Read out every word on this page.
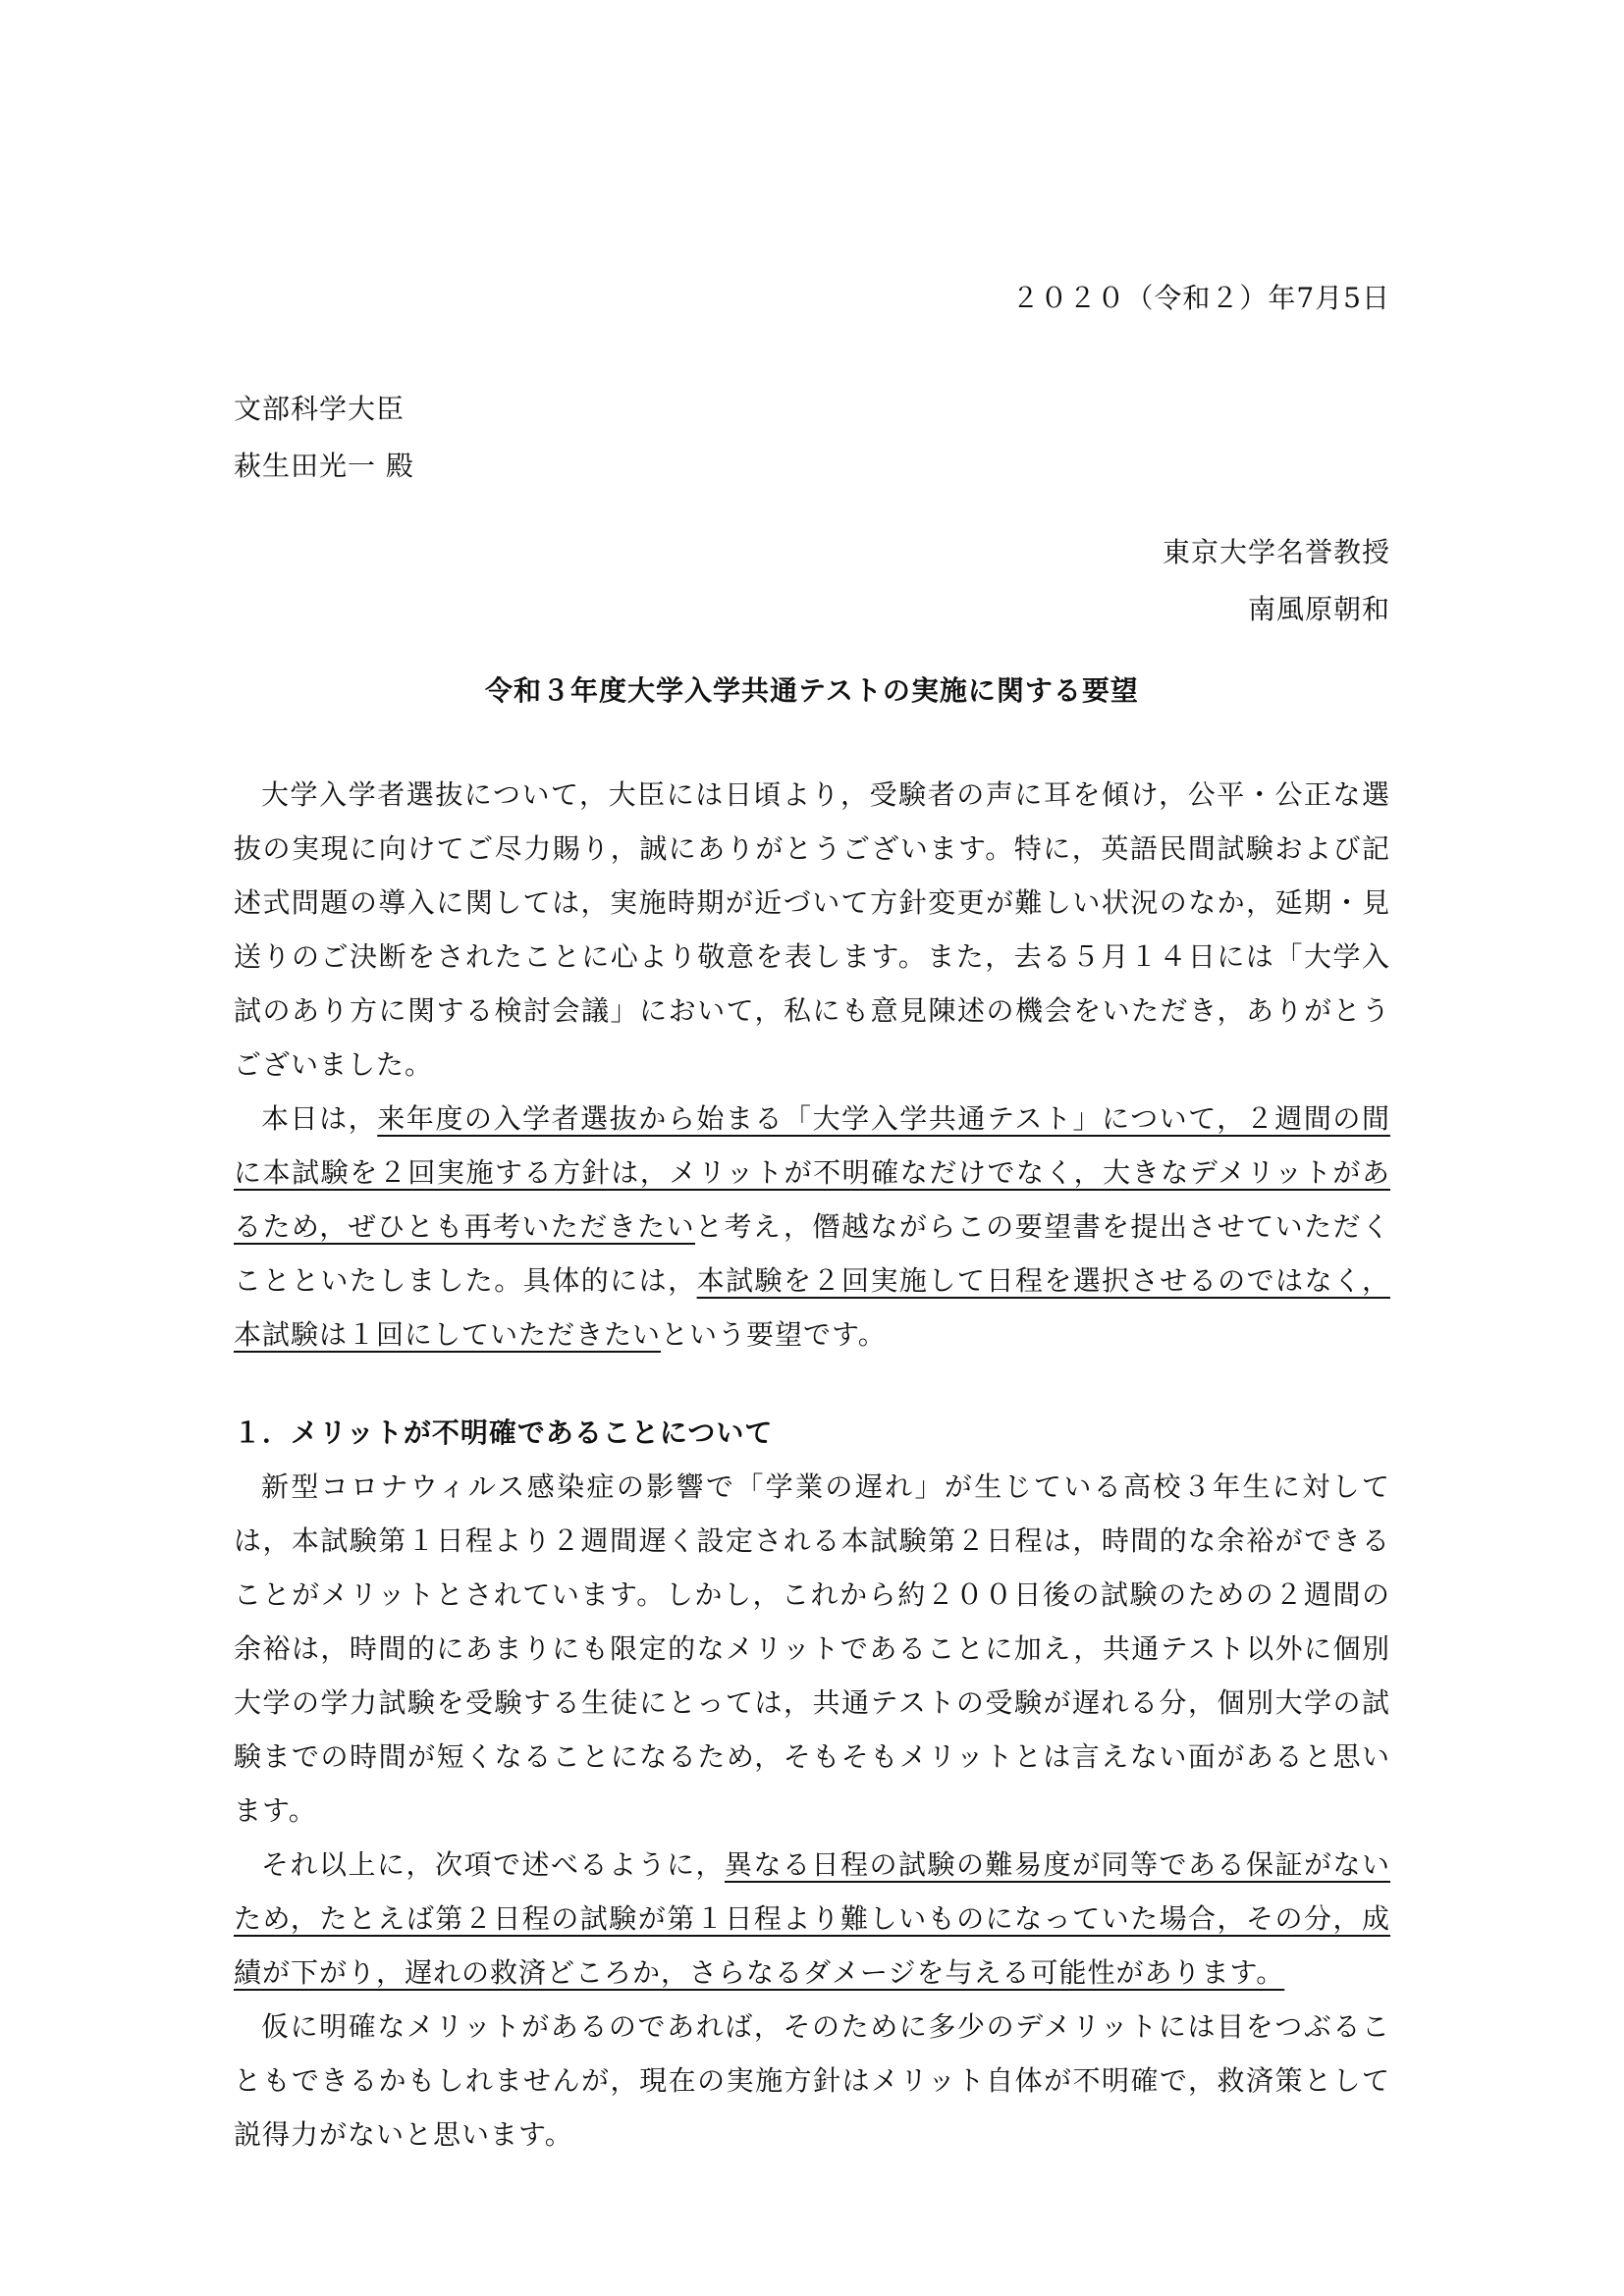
２０２０（令和２）年7月5日
文部科学大臣
萩生田光一 殿
東京大学名誉教授
南風原朝和
令和３年度大学入学共通テストの実施に関する要望

大学入学者選抜について，大臣には日頃より，受験者の声に耳を傾け，公平・公正な選抜の実現に向けてご尽力賜り，誠にありがとうございます。特に，英語民間試験および記述式問題の導入に関しては，実施時期が近づいて方針変更が難しい状況のなか，延期・見送りのご決断をされたことに心より敬意を表します。また，去る５月１４日には「大学入試のあり方に関する検討会議」において，私にも意見陳述の機会をいただき，ありがとうございました。

本日は，来年度の入学者選抜から始まる「大学入学共通テスト」について，２週間の間に本試験を２回実施する方針は，メリットが不明確なだけでなく，大きなデメリットがあるため，ぜひとも再考いただきたいと考え，僭越ながらこの要望書を提出させていただくことといたしました。具体的には，本試験を２回実施して日程を選択させるのではなく，本試験は１回にしていただきたいという要望です。

１．メリットが不明確であることについて

新型コロナウィルス感染症の影響で「学業の遅れ」が生じている高校３年生に対しては，本試験第１日程より２週間遅く設定される本試験第２日程は，時間的な余裕ができることがメリットとされています。しかし，これから約２００日後の試験のための２週間の余裕は，時間的にあまりにも限定的なメリットであることに加え，共通テスト以外に個別大学の学力試験を受験する生徒にとっては，共通テストの受験が遅れる分，個別大学の試験までの時間が短くなることになるため，そもそもメリットとは言えない面があると思います。

それ以上に，次項で述べるように，異なる日程の試験の難易度が同等である保証がないため，たとえば第２日程の試験が第１日程より難しいものになっていた場合，その分，成績が下がり，遅れの救済どころか，さらなるダメージを与える可能性があります。

仮に明確なメリットがあるのであれば，そのために多少のデメリットには目をつぶることもできるかもしれませんが，現在の実施方針はメリット自体が不明確で，救済策として説得力がないと思います。
